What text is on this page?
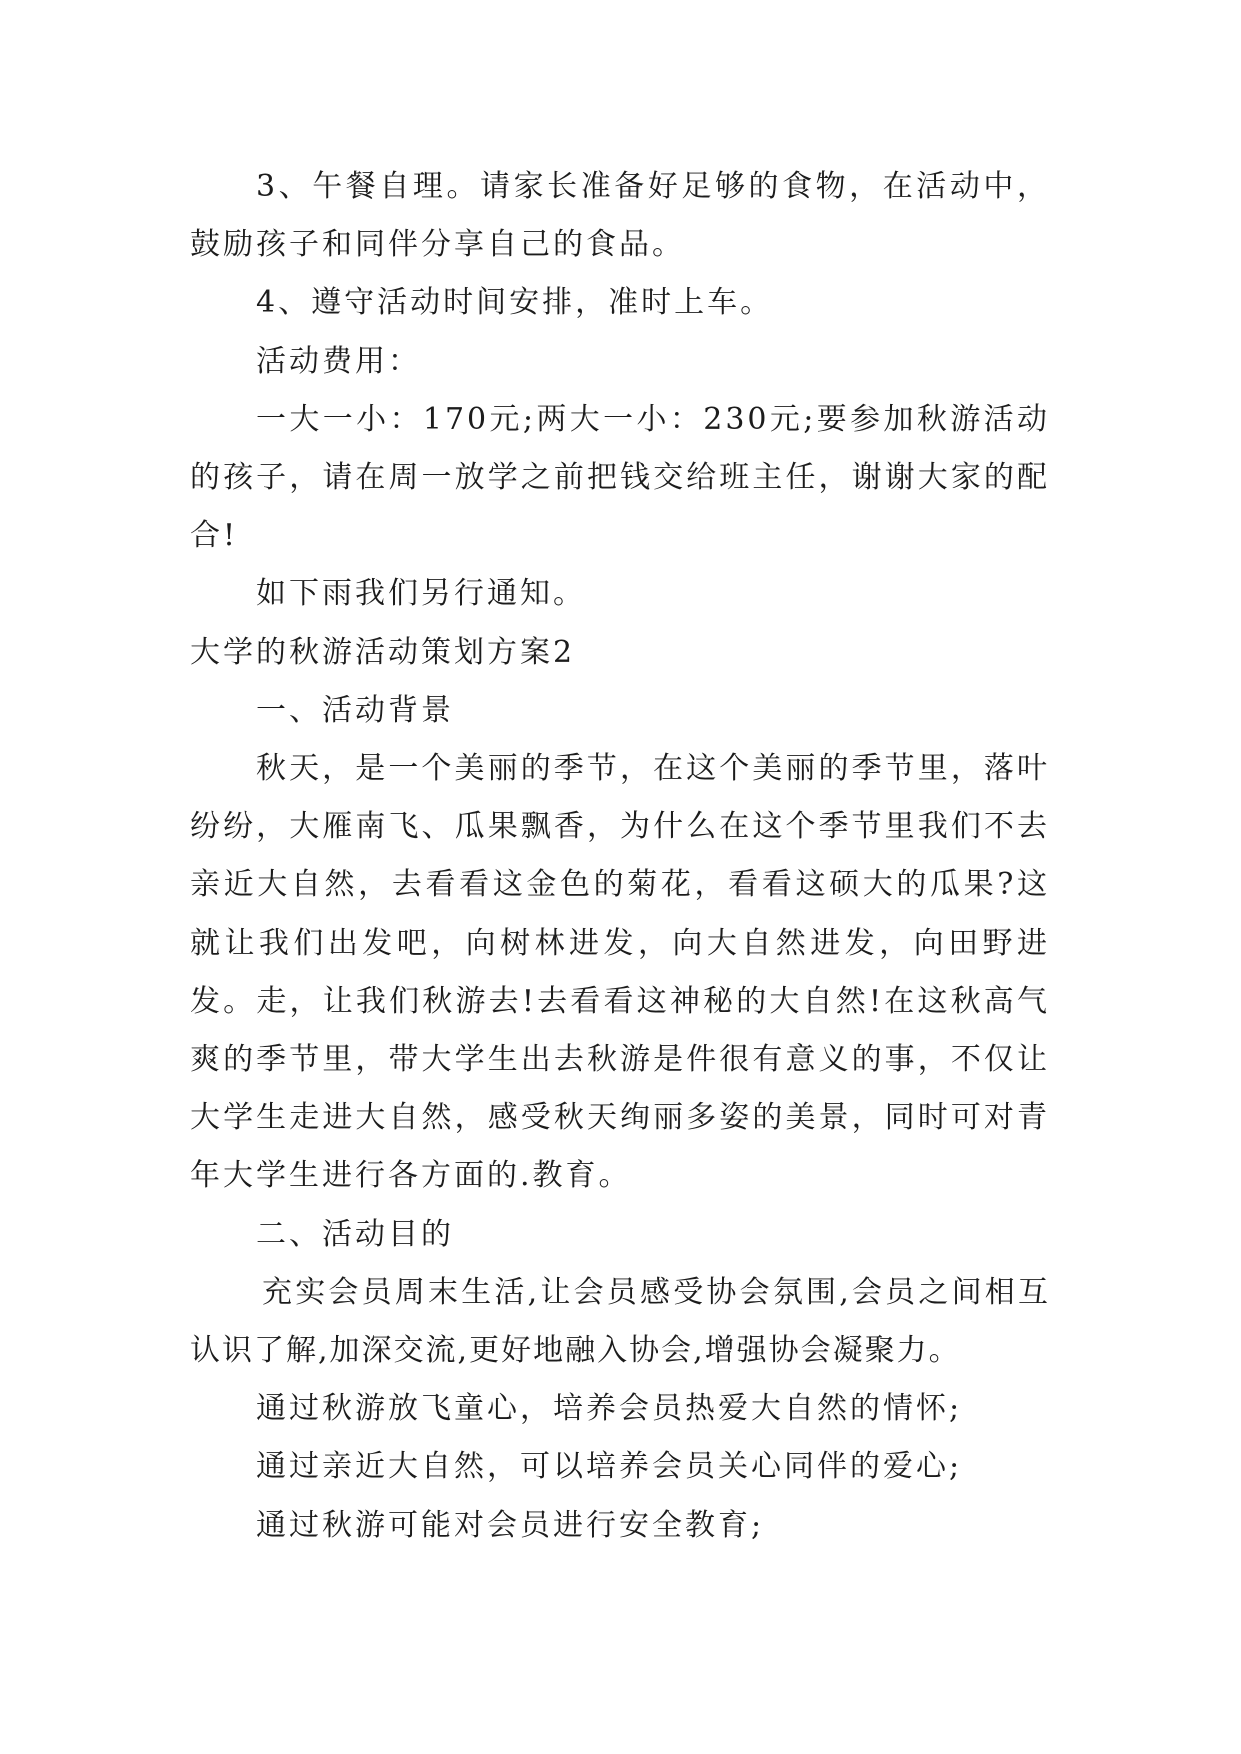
3、午餐自理。请家长准备好足够的食物，在活动中，鼓励孩子和同伴分享自己的食品。

4、遵守活动时间安排，准时上车。

活动费用：

一大一小：170元;两大一小：230元;要参加秋游活动的孩子，请在周一放学之前把钱交给班主任，谢谢大家的配合!

如下雨我们另行通知。

大学的秋游活动策划方案2

一、活动背景

秋天，是一个美丽的季节，在这个美丽的季节里，落叶纷纷，大雁南飞、瓜果飘香，为什么在这个季节里我们不去亲近大自然，去看看这金色的菊花，看看这硕大的瓜果?这就让我们出发吧，向树林进发，向大自然进发，向田野进发。走，让我们秋游去!去看看这神秘的大自然!在这秋高气爽的季节里，带大学生出去秋游是件很有意义的事，不仅让大学生走进大自然，感受秋天绚丽多姿的美景，同时可对青年大学生进行各方面的.教育。

二、活动目的

充实会员周末生活,让会员感受协会氛围,会员之间相互认识了解,加深交流,更好地融入协会,增强协会凝聚力。

通过秋游放飞童心，培养会员热爱大自然的情怀;

通过亲近大自然，可以培养会员关心同伴的爱心;

通过秋游可能对会员进行安全教育;
